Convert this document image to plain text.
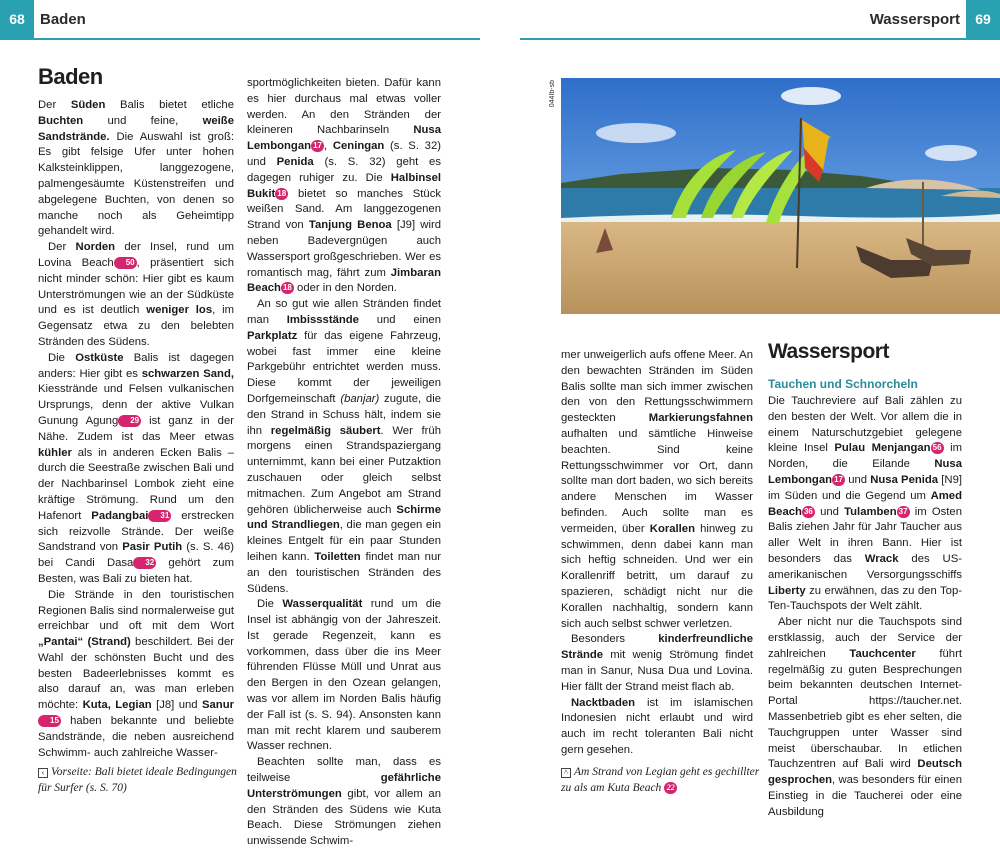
68	Baden	Wassersport	69
Baden

Der Süden Balis bietet etliche Buchten und feine, weiße Sandstrände. Die Auswahl ist groß: Es gibt felsige Ufer unter hohen Kalksteinklippen, langgezogene, palmengesäumte Küstenstreifen und abgelegene Buchten, von denen so manche noch als Geheimtipp gehandelt wird.

Der Norden der Insel, rund um Lovina Beach 50 , präsentiert sich nicht minder schön: Hier gibt es kaum Unterströmungen wie an der Südküste und es ist deutlich weniger los, im Gegensatz etwa zu den belebten Stränden des Südens.

Die Ostküste Balis ist dagegen anders: Hier gibt es schwarzen Sand, Kiesstrände und Felsen vulkanischen Ursprungs, denn der aktive Vulkan Gunung Agung 29 ist ganz in der Nähe. Zudem ist das Meer etwas kühler als in anderen Ecken Balis – durch die Seestraße zwischen Bali und der Nachbarinsel Lombok zieht eine kräftige Strömung. Rund um den Hafenort Padangbai 31 erstrecken sich reizvolle Strände. Der weiße Sandstrand von Pasir Putih (s. S. 46) bei Candi Dasa 32 gehört zum Besten, was Bali zu bieten hat.

Die Strände in den touristischen Regionen Balis sind normalerweise gut erreichbar und oft mit dem Wort „Pantai“ (Strand) beschildert. Bei der Wahl der schönsten Bucht und des besten Badeerlebnisses kommt es also darauf an, was man erleben möchte: Kuta, Legian [J8] und Sanur15 haben bekannte und beliebte Sandstrände, die neben ausreichend Schwimm- auch zahlreiche Wasser-

sportmöglichkeiten bieten. Dafür kann es hier durchaus mal etwas voller werden. An den Stränden der kleineren Nachbarinseln Nusa Lembongan 17 , Ceningan (s. S. 32) und Penida (s. S. 32) geht es dagegen ruhiger zu. Die Halbinsel Bukit 18 bietet so manches Stück weißen Sand. Am langgezogenen Strand von Tanjung Benoa [J9] wird neben Badevergnügen auch Wassersport großgeschrieben. Wer es romantisch mag, fährt zum Jimbaran Beach 18 oder in den Norden.

An so gut wie allen Stränden findet man Imbissstände und einen Parkplatz für das eigene Fahrzeug, wobei fast immer eine kleine Parkgebühr entrichtet werden muss. Diese kommt der jeweiligen Dorfgemeinschaft (banjar) zugute, die den Strand in Schuss hält, indem sie ihn regelmäßig säubert. Wer früh morgens einen Strandspaziergang unternimmt, kann bei einer Putzaktion zuschauen oder gleich selbst mitmachen. Zum Angebot am Strand gehören üblicherweise auch Schirme und Strandliegen, die man gegen ein kleines Entgelt für ein paar Stunden leihen kann. Toiletten findet man nur an den touristischen Stränden des Südens.

Die Wasserqualität rund um die Insel ist abhängig von der Jahreszeit. Ist gerade Regenzeit, kann es vorkommen, dass über die ins Meer führenden Flüsse Müll und Unrat aus den Bergen in den Ozean gelangen, was vor allem im Norden Balis häufig der Fall ist (s. S. 94). Ansonsten kann man mit recht klarem und sauberem Wasser rechnen.

Beachten sollte man, dass es teilweise gefährliche Unterströmungen gibt, vor allem an den Stränden des Südens wie Kuta Beach. Diese Strömungen ziehen unwissende Schwim-

‹ Vorseite: Bali bietet ideale Bedingungen für Surfer (s. S. 70)
044Ib-sb

mer unweigerlich aufs offene Meer. An den bewachten Stränden im Süden Balis sollte man sich immer zwischen den von den Rettungsschwimmern gesteckten Markierungsfahnen aufhalten und sämtliche Hinweise beachten. Sind keine Rettungsschwimmer vor Ort, dann sollte man dort baden, wo sich bereits andere Menschen im Wasser befinden. Auch sollte man es vermeiden, über Korallen hinweg zu schwimmen, denn dabei kann man sich heftig schneiden. Und wer ein Korallenriff betritt, um darauf zu spazieren, schädigt nicht nur die Korallen nachhaltig, sondern kann sich auch selbst schwer verletzen.

Besonders kinderfreundliche Strände mit wenig Strömung findet man in Sanur, Nusa Dua und Lovina. Hier fällt der Strand meist flach ab.

Nacktbaden ist im islamischen Indonesien nicht erlaubt und wird auch im recht toleranten Bali nicht gern gesehen.

^ Am Strand von Legian geht es gechillter zu als am Kuta Beach 22
Wassersport
Tauchen und Schnorcheln

Die Tauchreviere auf Bali zählen zu den besten der Welt. Vor allem die in einem Naturschutzgebiet gelegene kleine Insel Pulau Menjangan 56 im Norden, die Eilande Nusa Lembongan 17 und Nusa Penida [N9] im Süden und die Gegend um Amed Beach 36 und Tulamben 37 im Osten Balis ziehen Jahr für Jahr Taucher aus aller Welt in ihren Bann. Hier ist besonders das Wrack des US-amerikanischen Versorgungsschiffs Liberty zu erwähnen, das zu den Top-Ten-Tauchspots der Welt zählt.

Aber nicht nur die Tauchspots sind erstklassig, auch der Service der zahlreichen Tauchcenter führt regelmäßig zu guten Besprechungen beim bekannten deutschen Internet-Portal https://taucher.net. Massenbetrieb gibt es eher selten, die Tauchgruppen unter Wasser sind meist überschaubar. In etlichen Tauchzentren auf Bali wird Deutsch gesprochen, was besonders für einen Einstieg in die Taucherei oder eine Ausbildung
